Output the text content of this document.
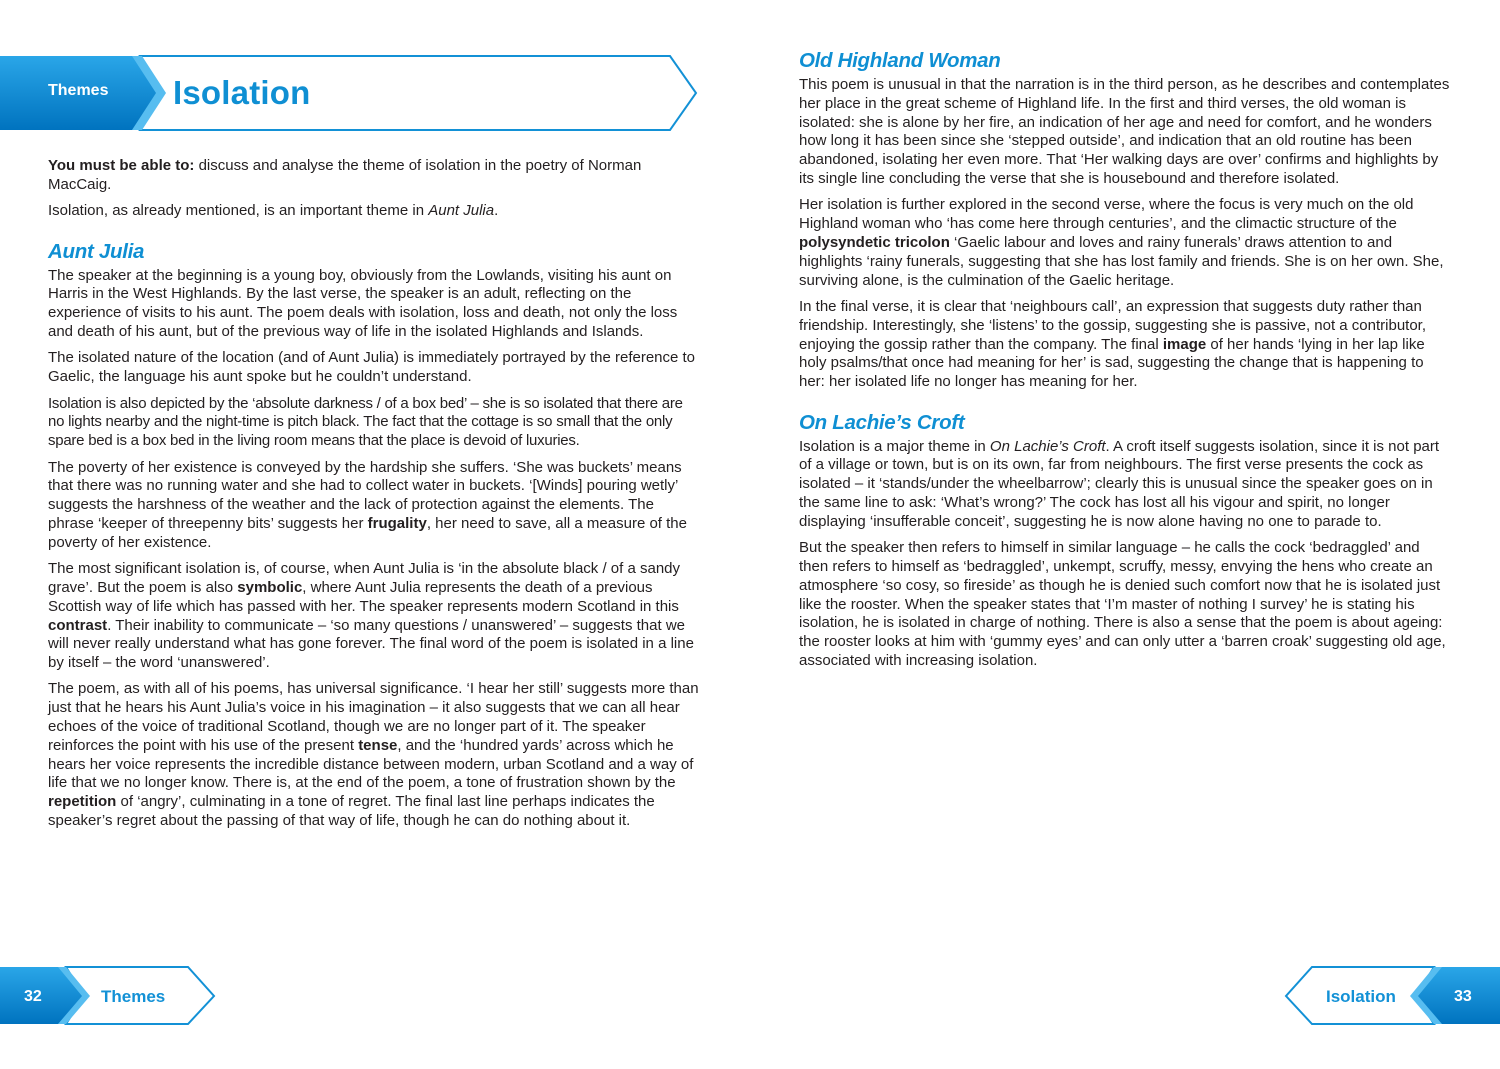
Themes Isolation

You must be able to: discuss and analyse the theme of isolation in the poetry of Norman MacCaig.

Isolation, as already mentioned, is an important theme in Aunt Julia.

Aunt Julia

The speaker at the beginning is a young boy, obviously from the Lowlands, visiting his aunt on Harris in the West Highlands. By the last verse, the speaker is an adult, reflecting on the experience of visits to his aunt. The poem deals with isolation, loss and death, not only the loss and death of his aunt, but of the previous way of life in the isolated Highlands and Islands.

The isolated nature of the location (and of Aunt Julia) is immediately portrayed by the reference to Gaelic, the language his aunt spoke but he couldn’t understand.

Isolation is also depicted by the ‘absolute darkness / of a box bed’ – she is so isolated that there are no lights nearby and the night-time is pitch black. The fact that the cottage is so small that the only spare bed is a box bed in the living room means that the place is devoid of luxuries.

The poverty of her existence is conveyed by the hardship she suffers. ‘She was buckets’ means that there was no running water and she had to collect water in buckets. ‘[Winds] pouring wetly’ suggests the harshness of the weather and the lack of protection against the elements. The phrase ‘keeper of threepenny bits’ suggests her frugality, her need to save, all a measure of the poverty of her existence.

The most significant isolation is, of course, when Aunt Julia is ‘in the absolute black / of a sandy grave’. But the poem is also symbolic, where Aunt Julia represents the death of a previous Scottish way of life which has passed with her. The speaker represents modern Scotland in this contrast. Their inability to communicate – ‘so many questions / unanswered’ – suggests that we will never really understand what has gone forever. The final word of the poem is isolated in a line by itself – the word ‘unanswered’.

The poem, as with all of his poems, has universal significance. ‘I hear her still’ suggests more than just that he hears his Aunt Julia’s voice in his imagination – it also suggests that we can all hear echoes of the voice of traditional Scotland, though we are no longer part of it. The speaker reinforces the point with his use of the present tense, and the ‘hundred yards’ across which he hears her voice represents the incredible distance between modern, urban Scotland and a way of life that we no longer know. There is, at the end of the poem, a tone of frustration shown by the repetition of ‘angry’, culminating in a tone of regret. The final last line perhaps indicates the speaker’s regret about the passing of that way of life, though he can do nothing about it.

Old Highland Woman

This poem is unusual in that the narration is in the third person, as he describes and contemplates her place in the great scheme of Highland life. In the first and third verses, the old woman is isolated: she is alone by her fire, an indication of her age and need for comfort, and he wonders how long it has been since she ‘stepped outside’, and indication that an old routine has been abandoned, isolating her even more. That ‘Her walking days are over’ confirms and highlights by its single line concluding the verse that she is housebound and therefore isolated.

Her isolation is further explored in the second verse, where the focus is very much on the old Highland woman who ‘has come here through centuries’, and the climactic structure of the polysyndetic tricolon ‘Gaelic labour and loves and rainy funerals’ draws attention to and highlights ‘rainy funerals, suggesting that she has lost family and friends. She is on her own. She, surviving alone, is the culmination of the Gaelic heritage.

In the final verse, it is clear that ‘neighbours call’, an expression that suggests duty rather than friendship. Interestingly, she ‘listens’ to the gossip, suggesting she is passive, not a contributor, enjoying the gossip rather than the company. The final image of her hands ‘lying in her lap like holy psalms/that once had meaning for her’ is sad, suggesting the change that is happening to her: her isolated life no longer has meaning for her.

On Lachie’s Croft

Isolation is a major theme in On Lachie’s Croft. A croft itself suggests isolation, since it is not part of a village or town, but is on its own, far from neighbours. The first verse presents the cock as isolated – it ‘stands/under the wheelbarrow’; clearly this is unusual since the speaker goes on in the same line to ask: ‘What’s wrong?’ The cock has lost all his vigour and spirit, no longer displaying ‘insufferable conceit’, suggesting he is now alone having no one to parade to.

But the speaker then refers to himself in similar language – he calls the cock ‘bedraggled’ and then refers to himself as ‘bedraggled’, unkempt, scruffy, messy, envying the hens who create an atmosphere ‘so cosy, so fireside’ as though he is denied such comfort now that he is isolated just like the rooster. When the speaker states that ‘I’m master of nothing I survey’ he is stating his isolation, he is isolated in charge of nothing. There is also a sense that the poem is about ageing: the rooster looks at him with ‘gummy eyes’ and can only utter a ‘barren croak’ suggesting old age, associated with increasing isolation.

32	Themes	Isolation	33
